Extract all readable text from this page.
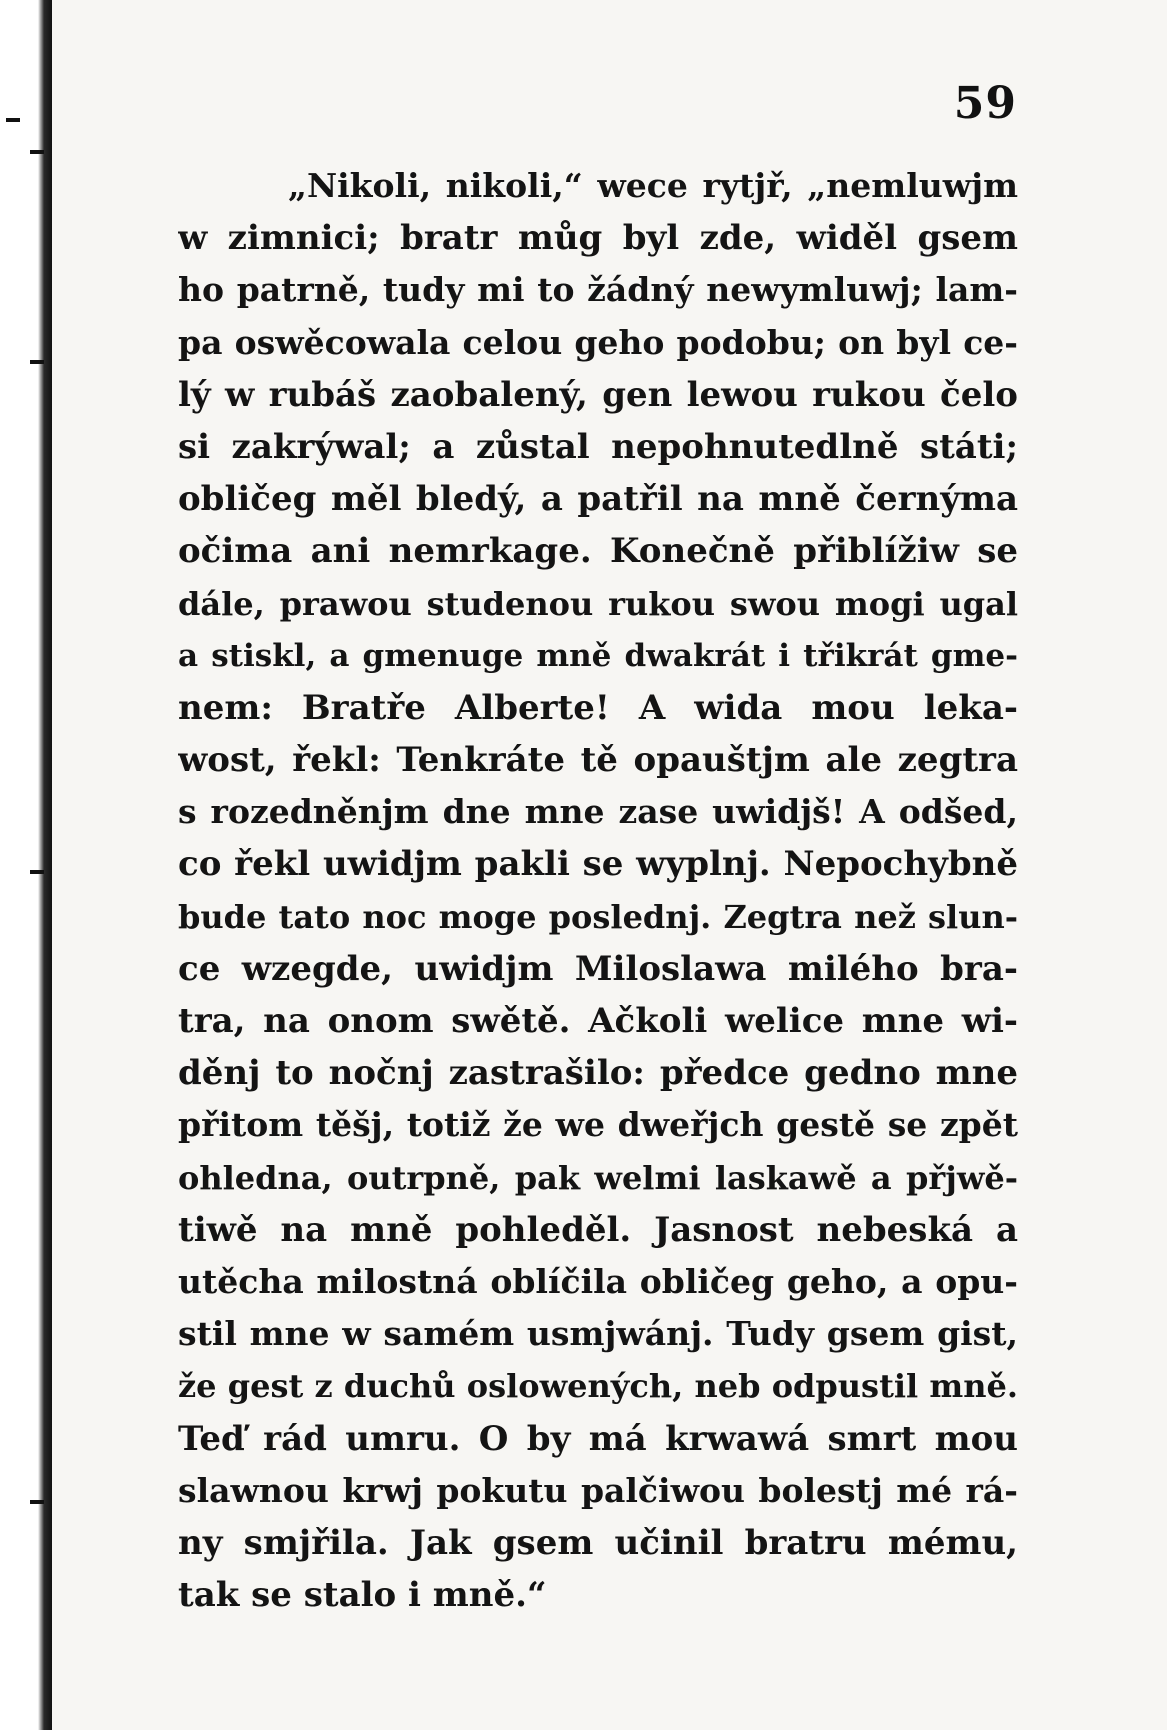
59
„Nikoli, nikoli,“ wece rytjř, „nemluwjm
w zimnici; bratr můg byl zde, widěl gsem
ho patrně, tudy mi to žádný newymluwj; lam-
pa oswěcowala celou geho podobu; on byl ce-
lý w rubáš zaobalený, gen lewou rukou čelo
si zakrýwal; a zůstal nepohnutedlně státi;
obličeg měl bledý, a patřil na mně černýma
očima ani nemrkage. Konečně přiblížiw se
dále, prawou studenou rukou swou mogi ugal
a stiskl, a gmenuge mně dwakrát i třikrát gme-
nem: Bratře Alberte! A wida mou leka-
wost, řekl: Tenkráte tě opauštjm ale zegtra
s rozedněnjm dne mne zase uwidjš! A odšed,
co řekl uwidjm pakli se wyplnj. Nepochybně
bude tato noc moge poslednj. Zegtra než slun-
ce wzegde, uwidjm Miloslawa milého bra-
tra, na onom swětě. Ačkoli welice mne wi-
děnj to nočnj zastrašilo: předce gedno mne
přitom těšj, totiž že we dweřjch gestě se zpět
ohledna, outrpně, pak welmi laskawě a přjwě-
tiwě na mně pohleděl. Jasnost nebeská a
utěcha milostná oblíčila obličeg geho, a opu-
stil mne w samém usmjwánj. Tudy gsem gist,
že gest z duchů oslowených, neb odpustil mně.
Teď rád umru. O by má krwawá smrt mou
slawnou krwj pokutu palčiwou bolestj mé rá-
ny smjřila. Jak gsem učinil bratru mému,
tak se stalo i mně.“
